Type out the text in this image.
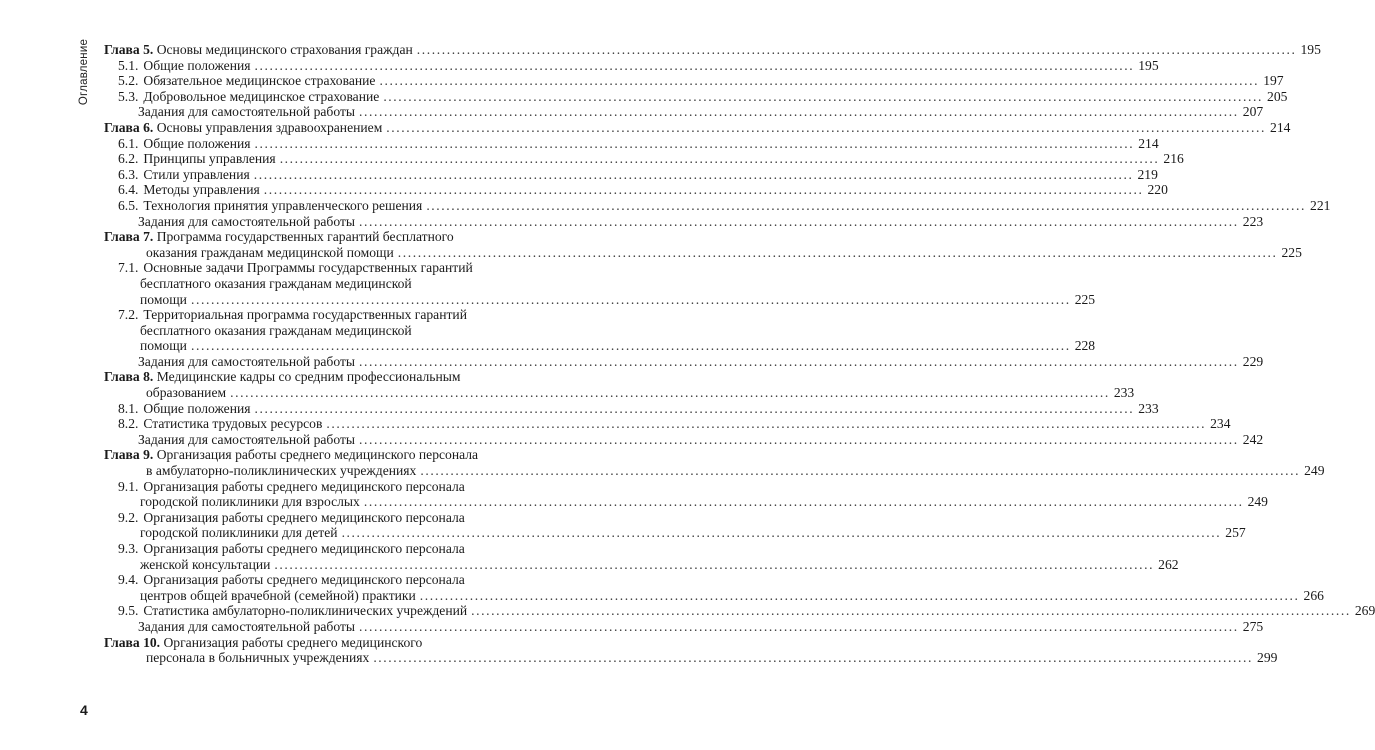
Оглавление Глава 5. Основы медицинского страхования граждан .....	195
5.1. Общие положения .....	195
5.2. Обязательное медицинское страхование .....	197
5.3. Добровольное медицинское страхование .....	205
Задания для самостоятельной работы .....	207
Глава 6. Основы управления здравоохранением .....	214
6.1. Общие положения .....	214
6.2. Принципы управления .....	216
6.3. Стили управления .....	219
6.4. Методы управления .....	220
6.5. Технология принятия управленческого решения .....	221
Задания для самостоятельной работы .....	223
Глава 7. Программа государственных гарантий бесплатного
оказания гражданам медицинской помощи .....	225
7.1. Основные задачи Программы государственных гарантий
бесплатного оказания гражданам медицинской
помощи .....	225
7.2. Территориальная программа государственных гарантий
бесплатного оказания гражданам медицинской
помощи .....	228
Задания для самостоятельной работы .....	229
Глава 8. Медицинские кадры со средним профессиональным
образованием .....	233
8.1. Общие положения .....	233
8.2. Статистика трудовых ресурсов .....	234
Задания для самостоятельной работы .....	242
Глава 9. Организация работы среднего медицинского персонала
в амбулаторно-поликлинических учреждениях .....	249
9.1. Организация работы среднего медицинского персонала
городской поликлиники для взрослых .....	249
9.2. Организация работы среднего медицинского персонала
городской поликлиники для детей .....	257
9.3. Организация работы среднего медицинского персонала
женской консультации .....	262
9.4. Организация работы среднего медицинского персонала
центров общей врачебной (семейной) практики .....	266
9.5. Статистика амбулаторно-поликлинических учреждений .....	269
Задания для самостоятельной работы .....	275
Глава 10. Организация работы среднего медицинского
персонала в больничных учреждениях .....	299
4
